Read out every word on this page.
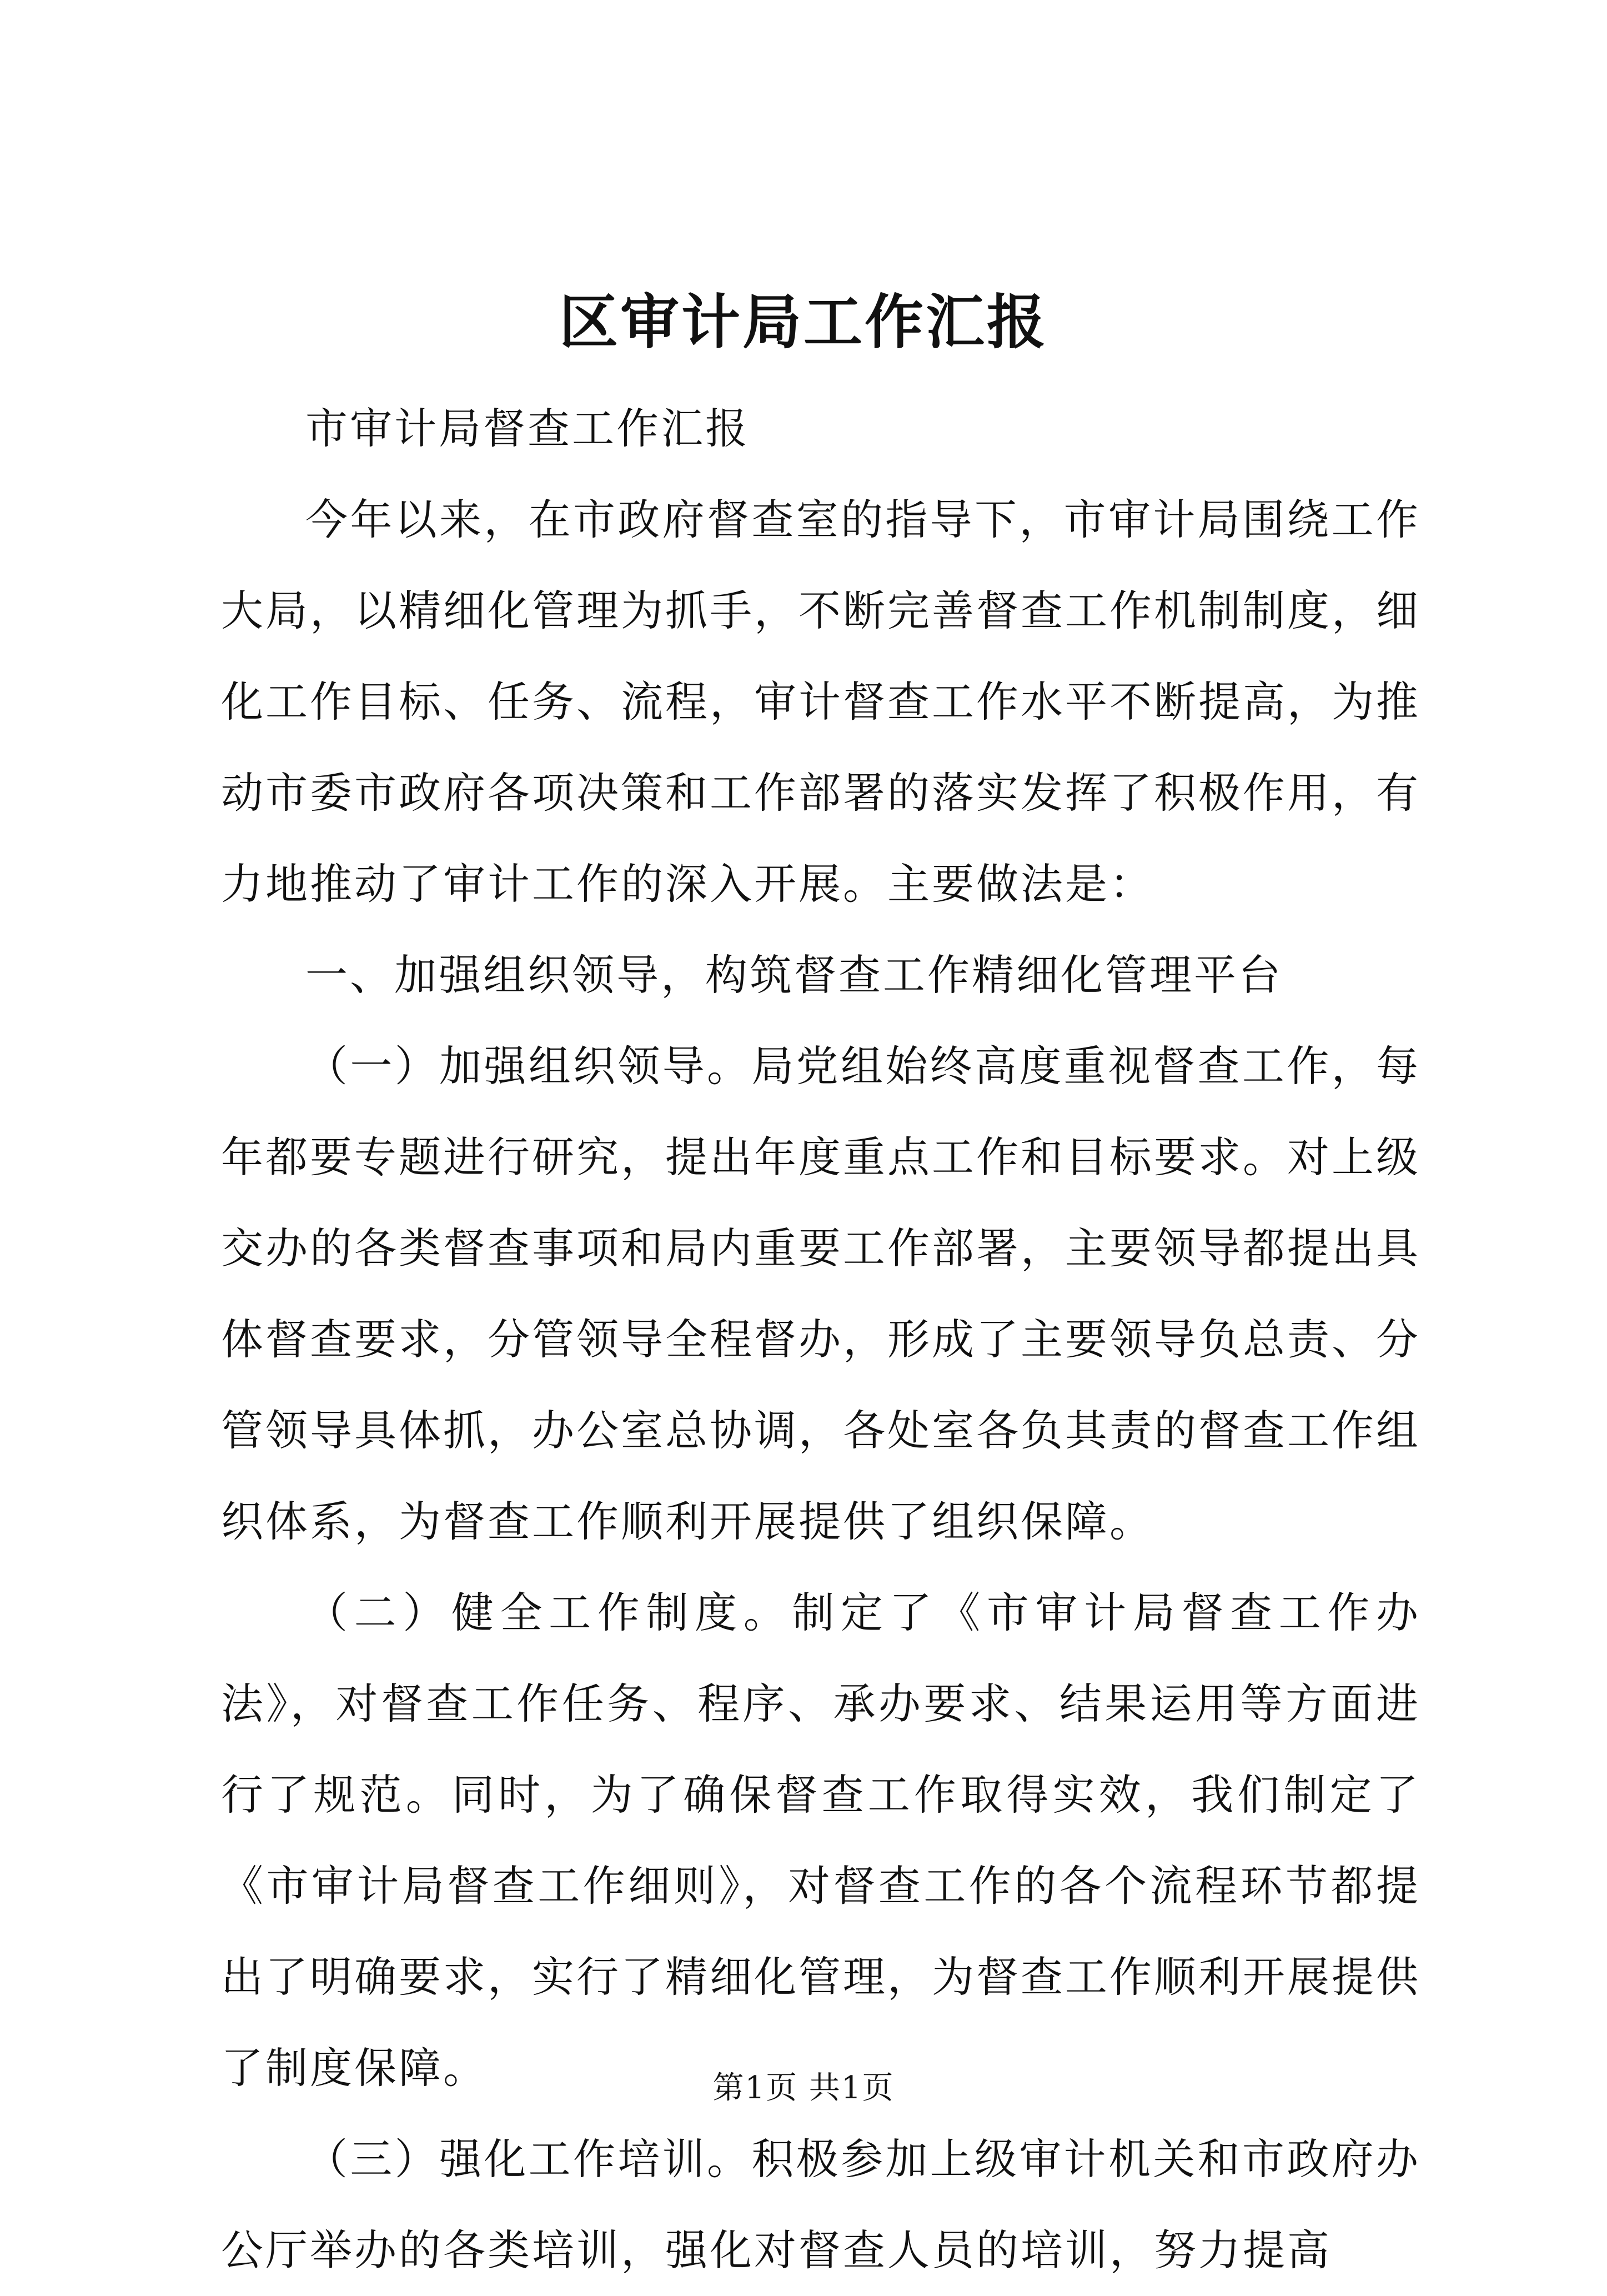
区审计局工作汇报

市审计局督查工作汇报

今年以来，在市政府督查室的指导下，市审计局围绕工作大局，以精细化管理为抓手，不断完善督查工作机制制度，细化工作目标、任务、流程，审计督查工作水平不断提高，为推动市委市政府各项决策和工作部署的落实发挥了积极作用，有力地推动了审计工作的深入开展。主要做法是：

一、加强组织领导，构筑督查工作精细化管理平台

（一）加强组织领导。局党组始终高度重视督查工作，每年都要专题进行研究，提出年度重点工作和目标要求。对上级交办的各类督查事项和局内重要工作部署，主要领导都提出具体督查要求，分管领导全程督办，形成了主要领导负总责、分管领导具体抓，办公室总协调，各处室各负其责的督查工作组织体系，为督查工作顺利开展提供了组织保障。

（二）健全工作制度。制定了《市审计局督查工作办法》，对督查工作任务、程序、承办要求、结果运用等方面进行了规范。同时，为了确保督查工作取得实效，我们制定了《市审计局督查工作细则》，对督查工作的各个流程环节都提出了明确要求，实行了精细化管理，为督查工作顺利开展提供了制度保障。

（三）强化工作培训。积极参加上级审计机关和市政府办公厅举办的各类培训，强化对督查人员的培训，努力提高

第1页 共1页
